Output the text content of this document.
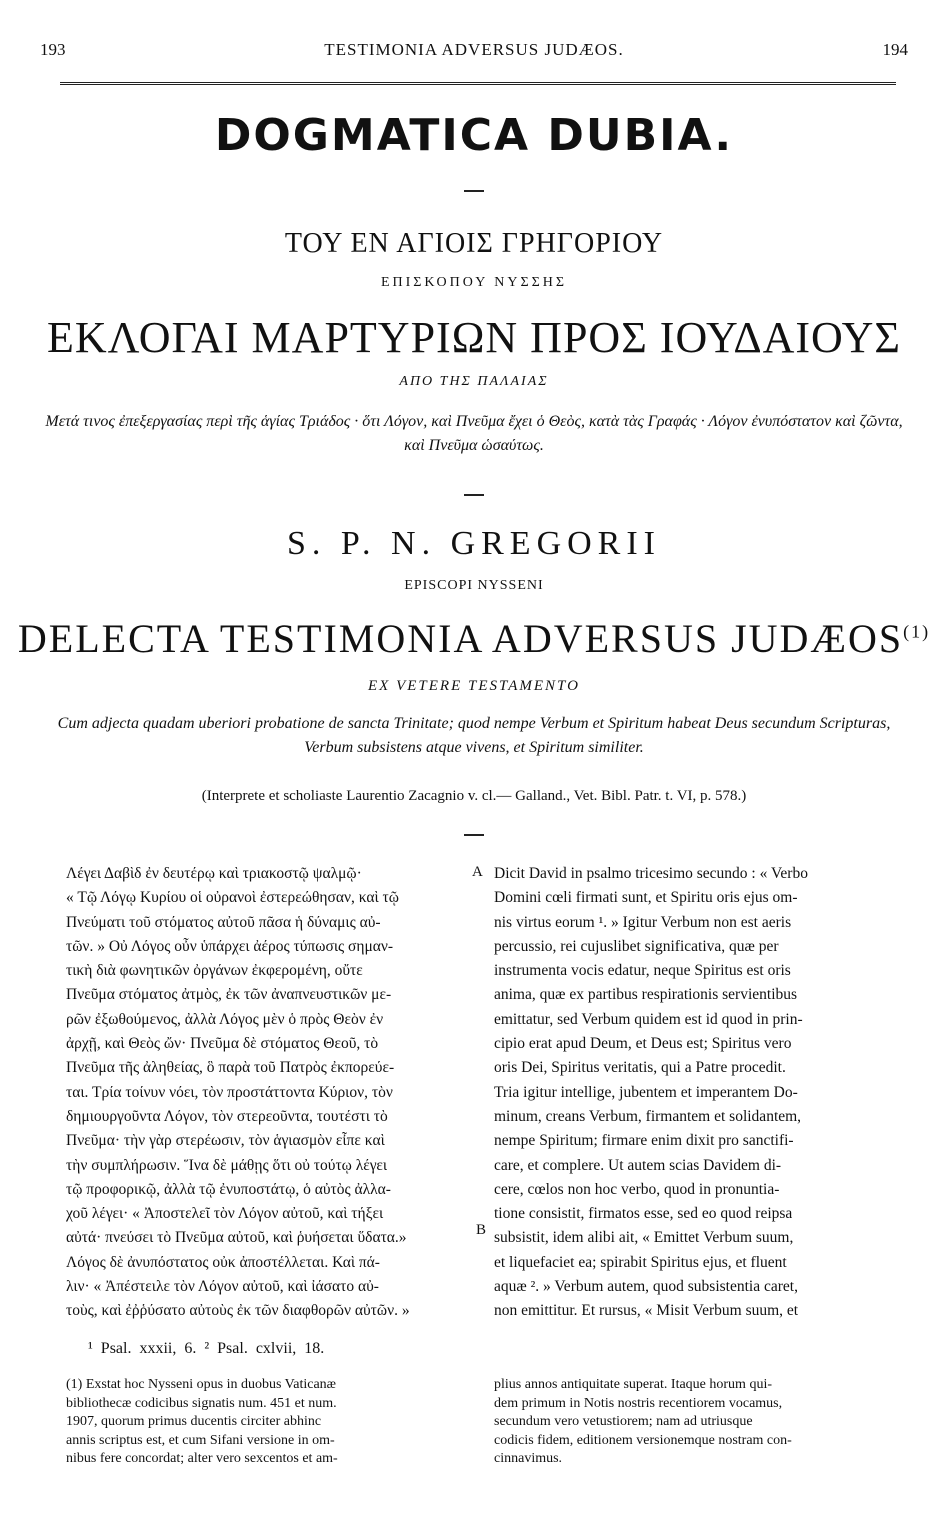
193	TESTIMONIA ADVERSUS JUDÆOS.	194
DOGMATICA DUBIA.
ΤΟΥ ΕΝ ΑΓΙΟΙΣ ΓΡΗΓΟΡΙΟΥ
ΕΠΙΣΚΟΠΟΥ ΝΥΣΣΗΣ
ΕΚΛΟΓΑΙ ΜΑΡΤΥΡΙΩΝ ΠΡΟΣ ΙΟΥΔΑΙΟΥΣ
ΑΠΟ ΤΗΣ ΠΑΛΑΙΑΣ
Μετά τινος ἐπεξεργασίας περὶ τῆς ἁγίας Τριάδος · ὅτι Λόγον, καὶ Πνεῦμα ἔχει ὁ Θεὸς, κατὰ τὰς Γραφάς · Λόγον ἐνυπόστατον καὶ ζῶντα, καὶ Πνεῦμα ὡσαύτως.
S. P. N. GREGORII
EPISCOPI NYSSENI
DELECTA TESTIMONIA ADVERSUS JUDÆOS$^{(1)}$
EX VETERE TESTAMENTO
Cum adjecta quadam uberiori probatione de sancta Trinitate; quod nempe Verbum et Spiritum habeat Deus secundum Scripturas, Verbum subsistens atque vivens, et Spiritum similiter.
(Interprete et scholiaste Laurentio Zacagnio v. cl.— Galland., Vet. Bibl. Patr. t. VI, p. 578.)
Λέγει Δαβὶδ ἐν δευτέρῳ καὶ τριακοστῷ ψαλμῷ·
« Τῷ Λόγῳ Κυρίου οἱ οὐρανοὶ ἐστερεώθησαν, καὶ τῷ
Πνεύματι τοῦ στόματος αὐτοῦ πᾶσα ἡ δύναμις αὐ-
τῶν. » Οὐ Λόγος οὖν ὑπάρχει ἀέρος τύπωσις σημαν-
τικὴ διὰ φωνητικῶν ὀργάνων ἐκφερομένη, οὔτε
Πνεῦμα στόματος ἀτμὸς, ἐκ τῶν ἀναπνευστικῶν με-
ρῶν ἐξωθούμενος, ἀλλὰ Λόγος μὲν ὁ πρὸς Θεὸν ἐν
ἀρχῇ, καὶ Θεὸς ὤν· Πνεῦμα δὲ στόματος Θεοῦ, τὸ
Πνεῦμα τῆς ἀληθείας, ὃ παρὰ τοῦ Πατρὸς ἐκπορεύε-
ται. Τρία τοίνυν νόει, τὸν προστάττοντα Κύριον, τὸν
δημιουργοῦντα Λόγον, τὸν στερεοῦντα, τουτέστι τὸ
Πνεῦμα· τὴν γὰρ στερέωσιν, τὸν ἁγιασμὸν εἶπε καὶ
τὴν συμπλήρωσιν. Ἵνα δὲ μάθῃς ὅτι οὐ τούτῳ λέγει
τῷ προφορικῷ, ἀλλὰ τῷ ἐνυποστάτῳ, ὁ αὐτὸς ἀλλα-
χοῦ λέγει· « Ἀποστελεῖ τὸν Λόγον αὐτοῦ, καὶ τήξει
αὐτά· πνεύσει τὸ Πνεῦμα αὐτοῦ, καὶ ῥυήσεται ὕδατα.»
Λόγος δὲ ἀνυπόστατος οὐκ ἀποστέλλεται. Καὶ πά-
λιν· « Ἀπέστειλε τὸν Λόγον αὐτοῦ, καὶ ἰάσατο αὐ-
τοὺς, καὶ ἐῤῥύσατο αὐτοὺς ἐκ τῶν διαφθορῶν αὐτῶν. »
A
B
Dicit David in psalmo tricesimo secundo : « Verbo
Domini cœli firmati sunt, et Spiritu oris ejus om-
nis virtus eorum ¹. » Igitur Verbum non est aeris
percussio, rei cujuslibet significativa, quæ per
instrumenta vocis edatur, neque Spiritus est oris
anima, quæ ex partibus respirationis servientibus
emittatur, sed Verbum quidem est id quod in prin-
cipio erat apud Deum, et Deus est; Spiritus vero
oris Dei, Spiritus veritatis, qui a Patre procedit.
Tria igitur intellige, jubentem et imperantem Do-
minum, creans Verbum, firmantem et solidantem,
nempe Spiritum; firmare enim dixit pro sanctifi-
care, et complere. Ut autem scias Davidem di-
cere, cœlos non hoc verbo, quod in pronuntia-
tione consistit, firmatos esse, sed eo quod reipsa
subsistit, idem alibi ait, « Emittet Verbum suum,
et liquefaciet ea; spirabit Spiritus ejus, et fluent
aquæ ². » Verbum autem, quod subsistentia caret,
non emittitur. Et rursus, « Misit Verbum suum, et
¹ Psal. xxxii, 6. ² Psal. cxlvii, 18.
(1) Exstat hoc Nysseni opus in duobus Vaticanæ
bibliothecæ codicibus signatis num. 451 et num.
1907, quorum primus ducentis circiter abhinc
annis scriptus est, et cum Sifani versione in om-
nibus fere concordat; alter vero sexcentos et am-
plius annos antiquitate superat. Itaque horum qui-
dem primum in Notis nostris recentiorem vocamus,
secundum vero vetustiorem; nam ad utriusque
codicis fidem, editionem versionemque nostram con-
cinnavimus.
